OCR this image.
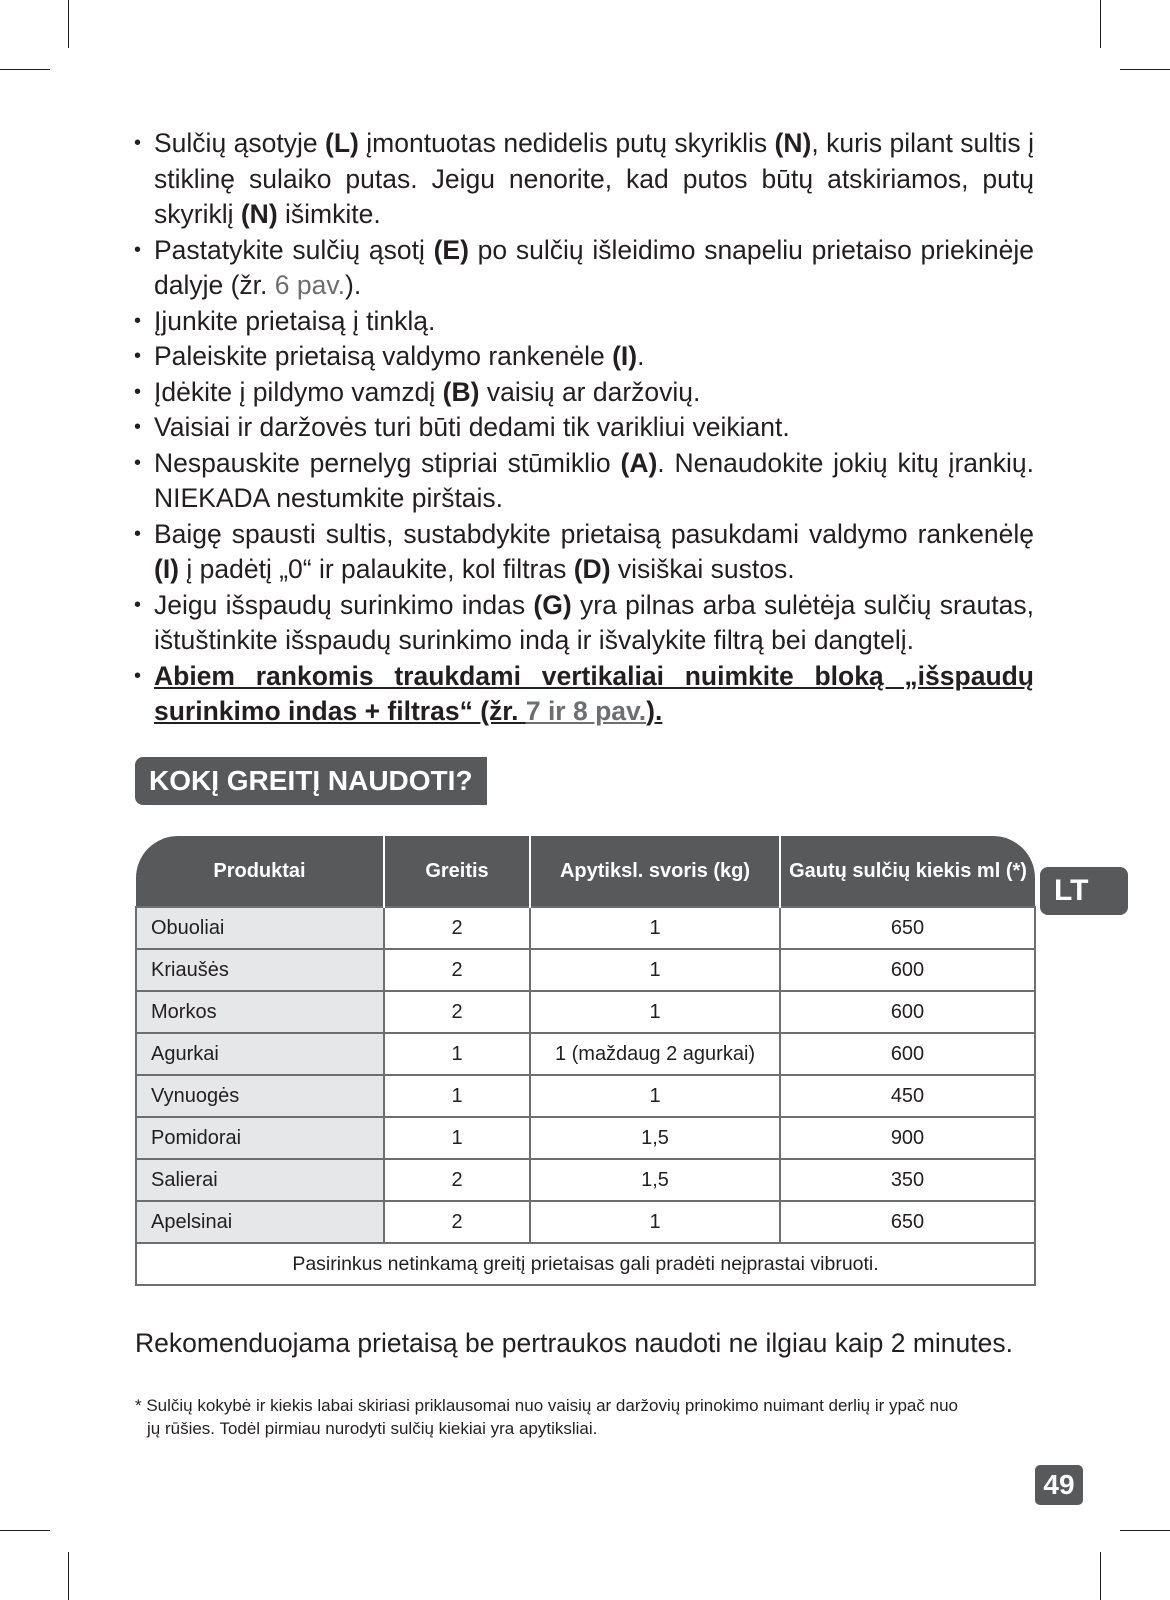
• Sulčių ąsotyje (L) įmontuotas nedidelis putų skyriklis (N), kuris pilant sultis į stiklinę sulaiko putas. Jeigu nenorite, kad putos būtų atskiriamos, putų skyriklį (N) išimkite.
• Pastatykite sulčių ąsotį (E) po sulčių išleidimo snapeliu prietaiso priekinėje dalyje (žr. 6 pav.).
• Įjunkite prietaisą į tinklą.
• Paleiskite prietaisą valdymo rankenėle (I).
• Įdėkite į pildymo vamzdį (B) vaisių ar daržovių.
• Vaisiai ir daržovės turi būti dedami tik varikliui veikiant.
• Nespauskite pernelyg stipriai stūmiklio (A). Nenaudokite jokių kitų įrankių. NIEKADA nestumkite pirštais.
• Baigę spausti sultis, sustabdykite prietaisą pasukdami valdymo rankenėlę (I) į padėtį „0“ ir palaukite, kol filtras (D) visiškai sustos.
• Jeigu išspaudų surinkimo indas (G) yra pilnas arba sulėtėja sulčių srautas, ištuštinkite išspaudų surinkimo indą ir išvalykite filtrą bei dangtelį.
• Abiem rankomis traukdami vertikaliai nuimkite bloką „išspaudų surinkimo indas + filtras“ (žr. 7 ir 8 pav.).
KOKĮ GREITĮ NAUDOTI?
Produktai	Greitis	Apytiksl. svoris (kg)	Gautų sulčių kiekis ml (*)
Obuoliai	2	1	650
Kriaušės	2	1	600
Morkos	2	1	600
Agurkai	1	1 (maždaug 2 agurkai)	600
Vynuogės	1	1	450
Pomidorai	1	1,5	900
Salierai	2	1,5	350
Apelsinai	2	1	650
Pasirinkus netinkamą greitį prietaisas gali pradėti neįprastai vibruoti.			
LT
Rekomenduojama prietaisą be pertraukos naudoti ne ilgiau kaip 2 minutes.
* Sulčių kokybė ir kiekis labai skiriasi priklausomai nuo vaisių ar daržovių prinokimo nuimant derlių ir ypač nuo
jų rūšies. Todėl pirmiau nurodyti sulčių kiekiai yra apytiksliai.
49
